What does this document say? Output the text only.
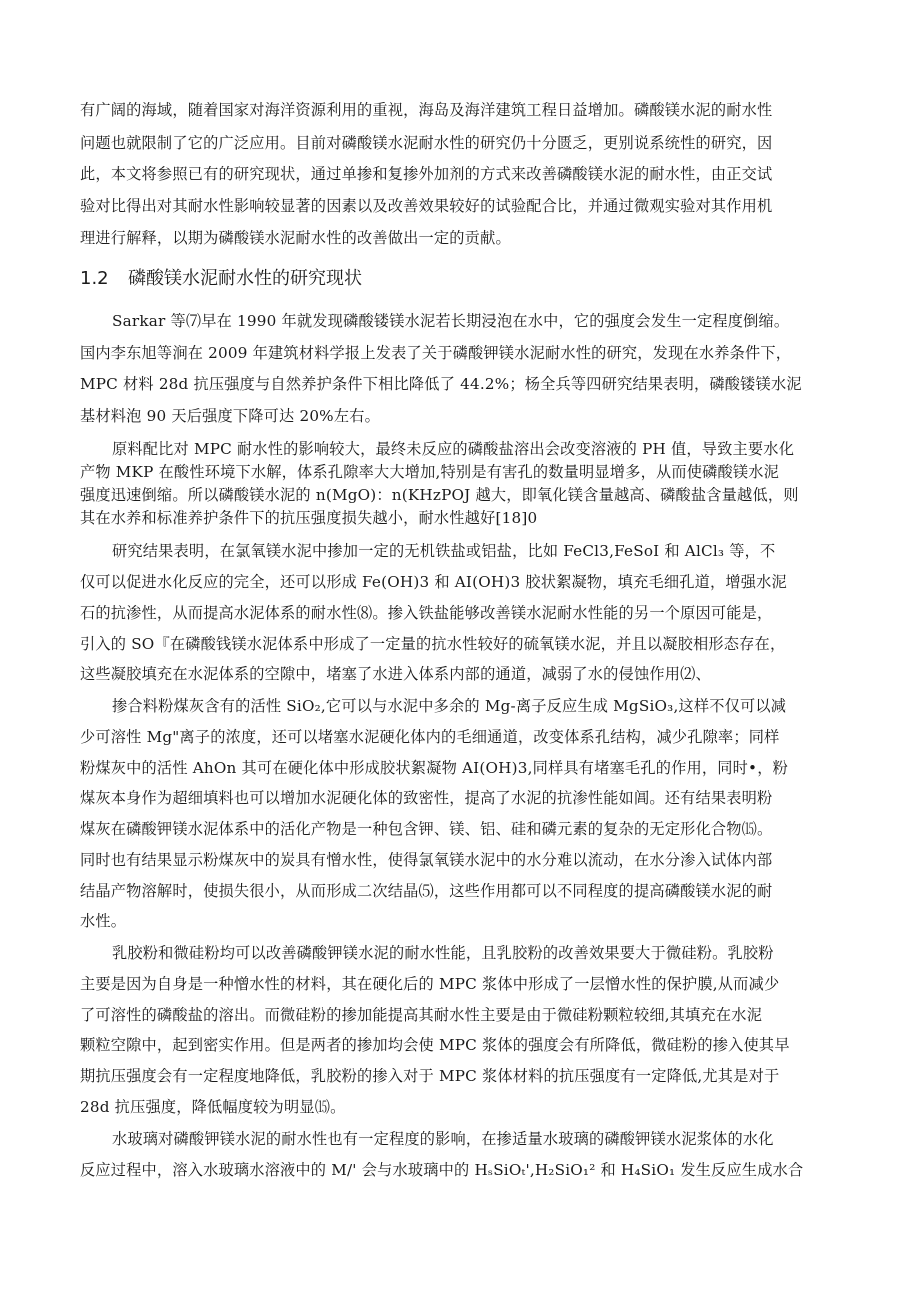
有广阔的海域，随着国家对海洋资源利用的重视，海岛及海洋建筑工程日益增加。磷酸镁水泥的耐水性
问题也就限制了它的广泛应用。目前对磷酸镁水泥耐水性的研究仍十分匮乏，更别说系统性的研究，因
此，本文将参照已有的研究现状，通过单掺和复掺外加剂的方式来改善磷酸镁水泥的耐水性，由正交试
验对比得出对其耐水性影响较显著的因素以及改善效果较好的试验配合比，并通过微观实验对其作用机
理进行解释，以期为磷酸镁水泥耐水性的改善做出一定的贡献。
1.2 磷酸镁水泥耐水性的研究现状
Sarkar 等⑺早在 1990 年就发现磷酸镂镁水泥若长期浸泡在水中，它的强度会发生一定程度倒缩。
国内李东旭等涧在 2009 年建筑材料学报上发表了关于磷酸钾镁水泥耐水性的研究，发现在水养条件下，
MPC 材料 28d 抗压强度与自然养护条件下相比降低了 44.2%；杨全兵等四研究结果表明，磷酸镂镁水泥
基材料泡 90 天后强度下降可达 20%左右。
原料配比对 MPC 耐水性的影响较大，最终未反应的磷酸盐溶出会改变溶液的 PH 值，导致主要水化
产物 MKP 在酸性环境下水解，体系孔隙率大大增加,特别是有害孔的数量明显增多，从而使磷酸镁水泥
强度迅速倒缩。所以磷酸镁水泥的 n(MgO)：n(KHzPOJ 越大，即氧化镁含量越高、磷酸盐含量越低，则
其在水养和标准养护条件下的抗压强度损失越小，耐水性越好[18]0
研究结果表明，在氯氧镁水泥中掺加一定的无机铁盐或铝盐，比如 FeCl3,FeSoI 和 AlCl₃ 等，不
仅可以促进水化反应的完全，还可以形成 Fe(OH)3 和 AI(OH)3 胶状絮凝物，填充毛细孔道，增强水泥
石的抗渗性，从而提高水泥体系的耐水性⑻。掺入铁盐能够改善镁水泥耐水性能的另一个原因可能是，
引入的 SO『在磷酸钱镁水泥体系中形成了一定量的抗水性较好的硫氧镁水泥，并且以凝胶相形态存在，
这些凝胶填充在水泥体系的空隙中，堵塞了水进入体系内部的通道，减弱了水的侵蚀作用⑵、
掺合料粉煤灰含有的活性 SiO₂,它可以与水泥中多余的 Mg-离子反应生成 MgSiO₃,这样不仅可以减
少可溶性 Mg"离子的浓度，还可以堵塞水泥硬化体内的毛细通道，改变体系孔结构，减少孔隙率；同样
粉煤灰中的活性 AhOn 其可在硬化体中形成胶状絮凝物 AI(OH)3,同样具有堵塞毛孔的作用，同时•，粉
煤灰本身作为超细填料也可以增加水泥硬化体的致密性，提高了水泥的抗渗性能如阊。还有结果表明粉
煤灰在磷酸钾镁水泥体系中的活化产物是一种包含钾、镁、铝、硅和磷元素的复杂的无定形化合物⒂。
同时也有结果显示粉煤灰中的炭具有憎水性，使得氯氧镁水泥中的水分难以流动，在水分渗入试体内部
结晶产物溶解时，使损失很小，从而形成二次结晶⑸，这些作用都可以不同程度的提高磷酸镁水泥的耐
水性。
乳胶粉和微硅粉均可以改善磷酸钾镁水泥的耐水性能，且乳胶粉的改善效果要大于微硅粉。乳胶粉
主要是因为自身是一种憎水性的材料，其在硬化后的 MPC 浆体中形成了一层憎水性的保护膜,从而减少
了可溶性的磷酸盐的溶出。而微硅粉的掺加能提高其耐水性主要是由于微硅粉颗粒较细,其填充在水泥
颗粒空隙中，起到密实作用。但是两者的掺加均会使 MPC 浆体的强度会有所降低，微硅粉的掺入使其早
期抗压强度会有一定程度地降低，乳胶粉的掺入对于 MPC 浆体材料的抗压强度有一定降低,尤其是对于
28d 抗压强度，降低幅度较为明显⒂。
水玻璃对磷酸钾镁水泥的耐水性也有一定程度的影响，在掺适量水玻璃的磷酸钾镁水泥浆体的水化
反应过程中，溶入水玻璃水溶液中的 M/' 会与水玻璃中的 HₛSiOₜ',H₂SiO₁² 和 H₄SiO₁ 发生反应生成水合
